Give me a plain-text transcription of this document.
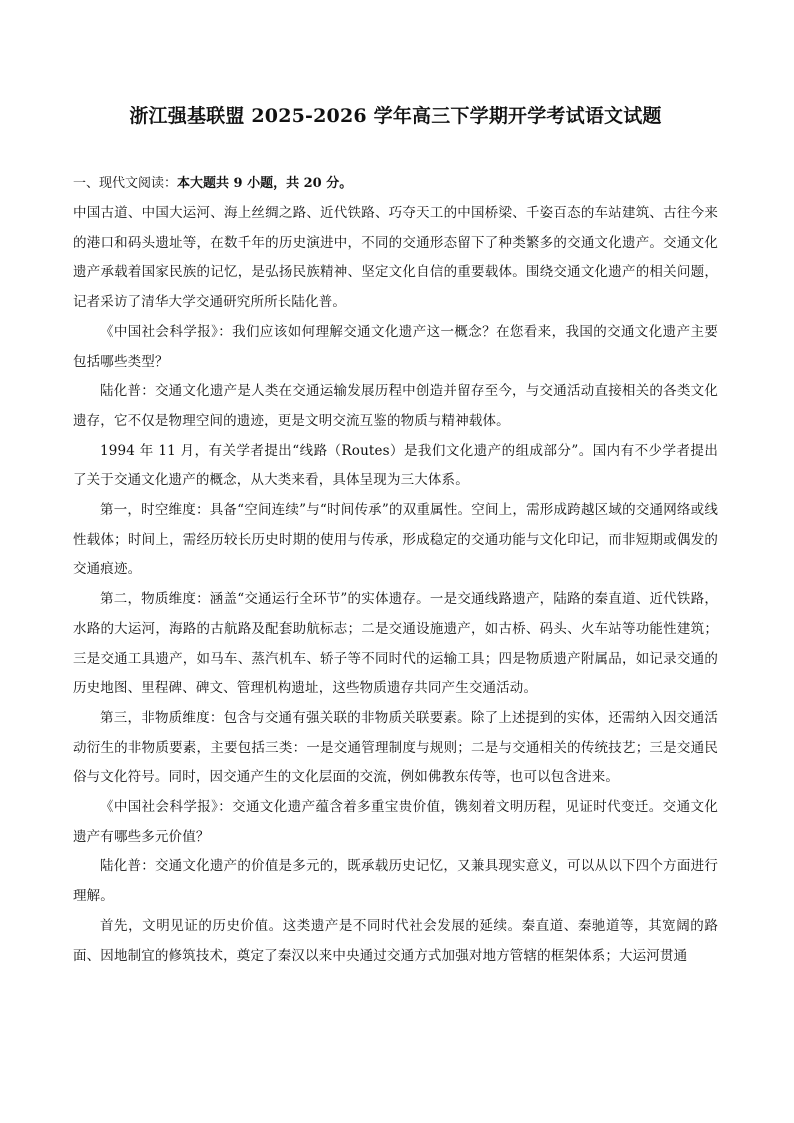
浙江强基联盟 2025-2026 学年高三下学期开学考试语文试题

一、现代文阅读：本大题共 9 小题，共 20 分。

中国古道、中国大运河、海上丝绸之路、近代铁路、巧夺天工的中国桥梁、千姿百态的车站建筑、古往今来的港口和码头遗址等，在数千年的历史演进中，不同的交通形态留下了种类繁多的交通文化遗产。交通文化遗产承载着国家民族的记忆，是弘扬民族精神、坚定文化自信的重要载体。围绕交通文化遗产的相关问题，记者采访了清华大学交通研究所所长陆化普。

《中国社会科学报》：我们应该如何理解交通文化遗产这一概念？在您看来，我国的交通文化遗产主要包括哪些类型？

陆化普：交通文化遗产是人类在交通运输发展历程中创造并留存至今，与交通活动直接相关的各类文化遗存，它不仅是物理空间的遗迹，更是文明交流互鉴的物质与精神载体。

1994 年 11 月，有关学者提出“线路（Routes）是我们文化遗产的组成部分”。国内有不少学者提出了关于交通文化遗产的概念，从大类来看，具体呈现为三大体系。

第一，时空维度：具备“空间连续”与“时间传承”的双重属性。空间上，需形成跨越区域的交通网络或线性载体；时间上，需经历较长历史时期的使用与传承，形成稳定的交通功能与文化印记，而非短期或偶发的交通痕迹。

第二，物质维度：涵盖“交通运行全环节”的实体遗存。一是交通线路遗产，陆路的秦直道、近代铁路，水路的大运河，海路的古航路及配套助航标志；二是交通设施遗产，如古桥、码头、火车站等功能性建筑；三是交通工具遗产，如马车、蒸汽机车、轿子等不同时代的运输工具；四是物质遗产附属品，如记录交通的历史地图、里程碑、碑文、管理机构遗址，这些物质遗存共同产生交通活动。

第三，非物质维度：包含与交通有强关联的非物质关联要素。除了上述提到的实体，还需纳入因交通活动衍生的非物质要素，主要包括三类：一是交通管理制度与规则；二是与交通相关的传统技艺；三是交通民俗与文化符号。同时，因交通产生的文化层面的交流，例如佛教东传等，也可以包含进来。

《中国社会科学报》：交通文化遗产蕴含着多重宝贵价值，镌刻着文明历程，见证时代变迁。交通文化遗产有哪些多元价值？

陆化普：交通文化遗产的价值是多元的，既承载历史记忆，又兼具现实意义，可以从以下四个方面进行理解。

首先，文明见证的历史价值。这类遗产是不同时代社会发展的延续。秦直道、秦驰道等，其宽阔的路面、因地制宜的修筑技术，奠定了秦汉以来中央通过交通方式加强对地方管辖的框架体系；大运河贯通
